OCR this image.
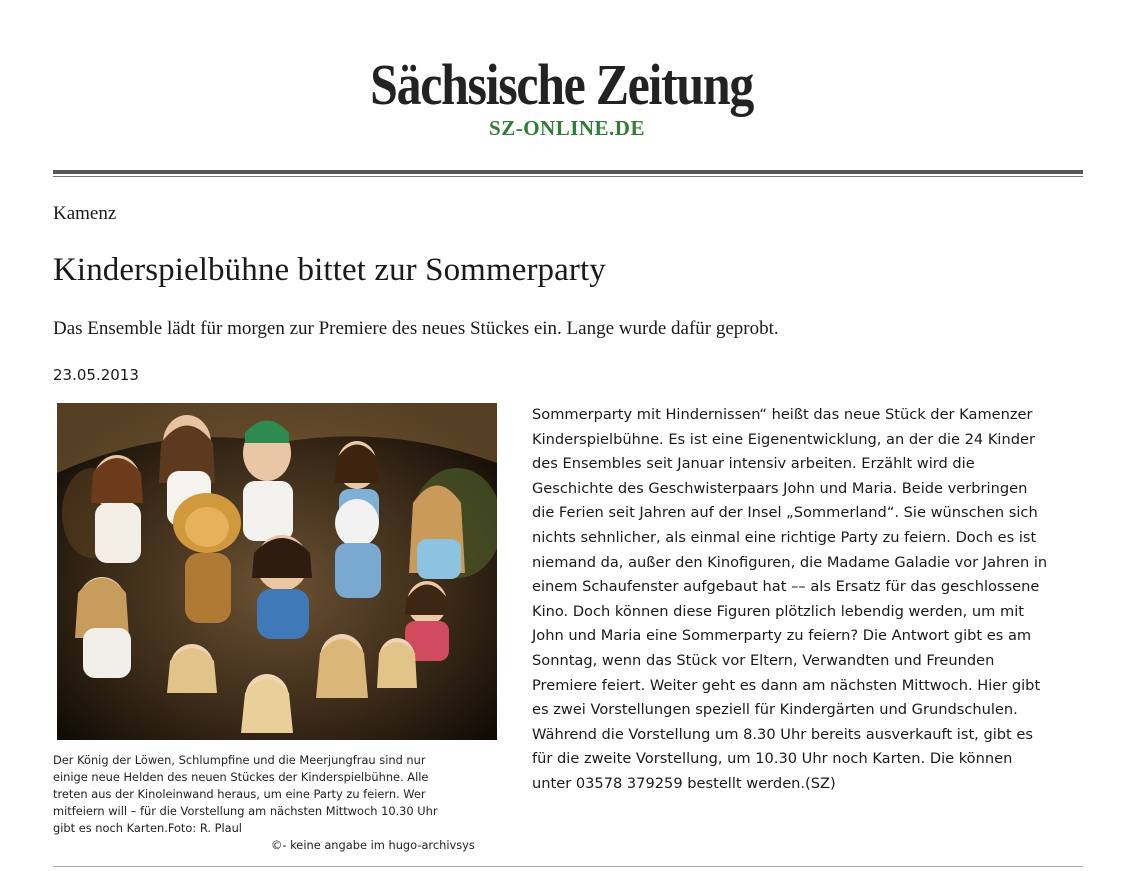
Sächsische Zeitung
SZ-ONLINE.DE
Kamenz
Kinderspielbühne bittet zur Sommerparty
Das Ensemble lädt für morgen zur Premiere des neues Stückes ein. Lange wurde dafür geprobt.
23.05.2013
Der König der Löwen, Schlumpfine und die Meerjungfrau sind nur
einige neue Helden des neuen Stückes der Kinderspielbühne. Alle
treten aus der Kinoleinwand heraus, um eine Party zu feiern. Wer
mitfeiern will – für die Vorstellung am nächsten Mittwoch 10.30 Uhr
gibt es noch Karten.Foto: R. Plaul
©- keine angabe im hugo-archivsys

Sommerparty mit Hindernissen“ heißt das neue Stück der Kamenzer

Kinderspielbühne. Es ist eine Eigenentwicklung, an der die 24 Kinder

des Ensembles seit Januar intensiv arbeiten. Erzählt wird die

Geschichte des Geschwisterpaars John und Maria. Beide verbringen

die Ferien seit Jahren auf der Insel „Sommerland“. Sie wünschen sich

nichts sehnlicher, als einmal eine richtige Party zu feiern. Doch es ist

niemand da, außer den Kinofiguren, die Madame Galadie vor Jahren in

einem Schaufenster aufgebaut hat –– als Ersatz für das geschlossene

Kino. Doch können diese Figuren plötzlich lebendig werden, um mit

John und Maria eine Sommerparty zu feiern? Die Antwort gibt es am

Sonntag, wenn das Stück vor Eltern, Verwandten und Freunden

Premiere feiert. Weiter geht es dann am nächsten Mittwoch. Hier gibt

es zwei Vorstellungen speziell für Kindergärten und Grundschulen.

Während die Vorstellung um 8.30 Uhr bereits ausverkauft ist, gibt es

für die zweite Vorstellung, um 10.30 Uhr noch Karten. Die können

unter 03578 379259 bestellt werden.(SZ)
